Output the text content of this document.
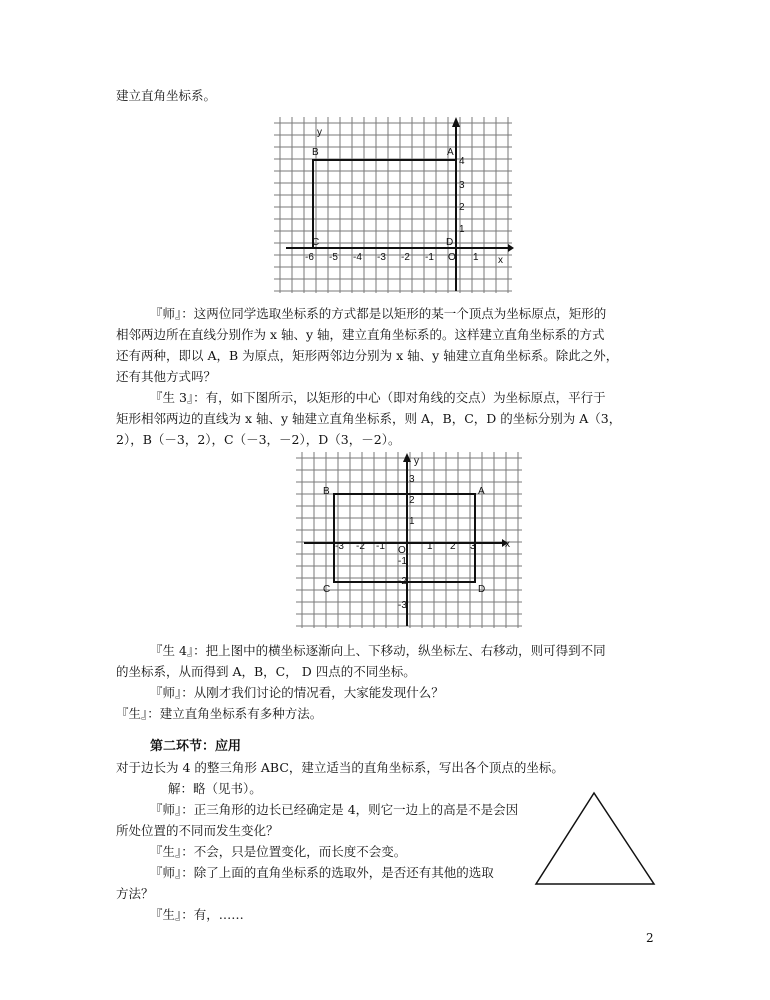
建立直角坐标系。
y
x
B	A
C	D
O
4
3
2
1
-6 -5 -4 -3 -2 -1	1
『师』：这两位同学选取坐标系的方式都是以矩形的某一个顶点为坐标原点，矩形的
相邻两边所在直线分别作为 x 轴、y 轴，建立直角坐标系的。这样建立直角坐标系的方式
还有两种，即以 A，B 为原点，矩形两邻边分别为 x 轴、y 轴建立直角坐标系。除此之外，
还有其他方式吗？
『生 3』：有，如下图所示，以矩形的中心（即对角线的交点）为坐标原点，平行于
矩形相邻两边的直线为 x 轴、y 轴建立直角坐标系，则 A，B，C，D 的坐标分别为 A（3，
2），B（－3，2），C（－3，－2），D（3，－2）。
y
x
B	A
C	D
O
3
2
1
-1
-2
-3
-3 -2 -1	1 2 3
『生 4』：把上图中的横坐标逐渐向上、下移动，纵坐标左、右移动，则可得到不同
的坐标系，从而得到 A，B，C， D 四点的不同坐标。
『师』：从刚才我们讨论的情况看，大家能发现什么？
『生』：建立直角坐标系有多种方法。
第二环节：应用
对于边长为 4 的整三角形 ABC，建立适当的直角坐标系，写出各个顶点的坐标。
解：略（见书）。
『师』：正三角形的边长已经确定是 4，则它一边上的高是不是会因
所处位置的不同而发生变化？
『生』：不会，只是位置变化，而长度不会变。
『师』：除了上面的直角坐标系的选取外，是否还有其他的选取
方法？
『生』：有，……
2
